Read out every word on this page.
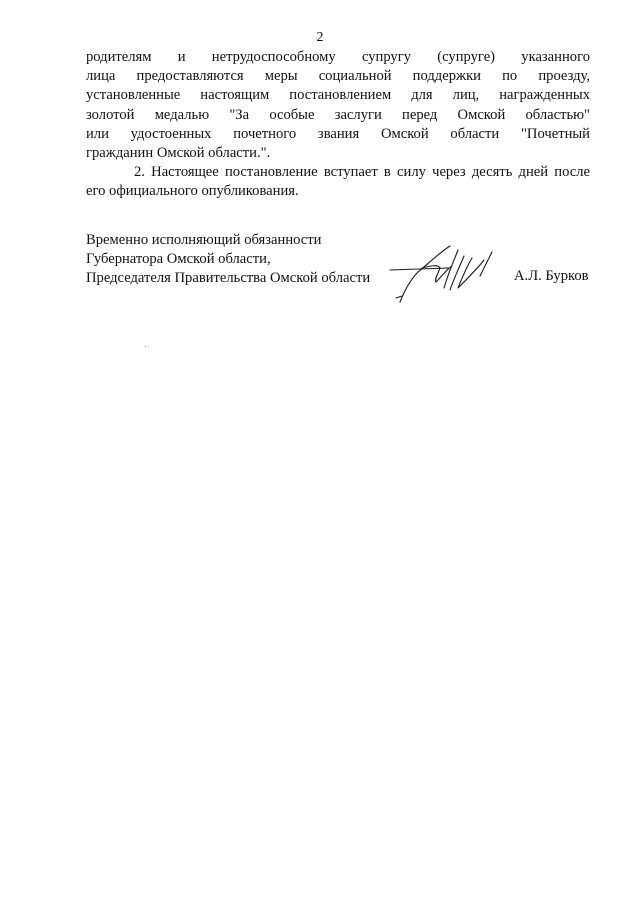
2

родителям и нетрудоспособному супругу (супруге) указанного
лица предоставляются меры социальной поддержки по проезду,
установленные настоящим постановлением для лиц, награжденных
золотой медалью "За особые заслуги перед Омской областью"
или удостоенных почетного звания Омской области "Почетный
гражданин Омской области.".

2. Настоящее постановление вступает в силу через десять дней после
его официального опубликования.

Временно исполняющий обязанности
Губернатора Омской области,
Председателя Правительства Омской области	А.Л. Бурков
